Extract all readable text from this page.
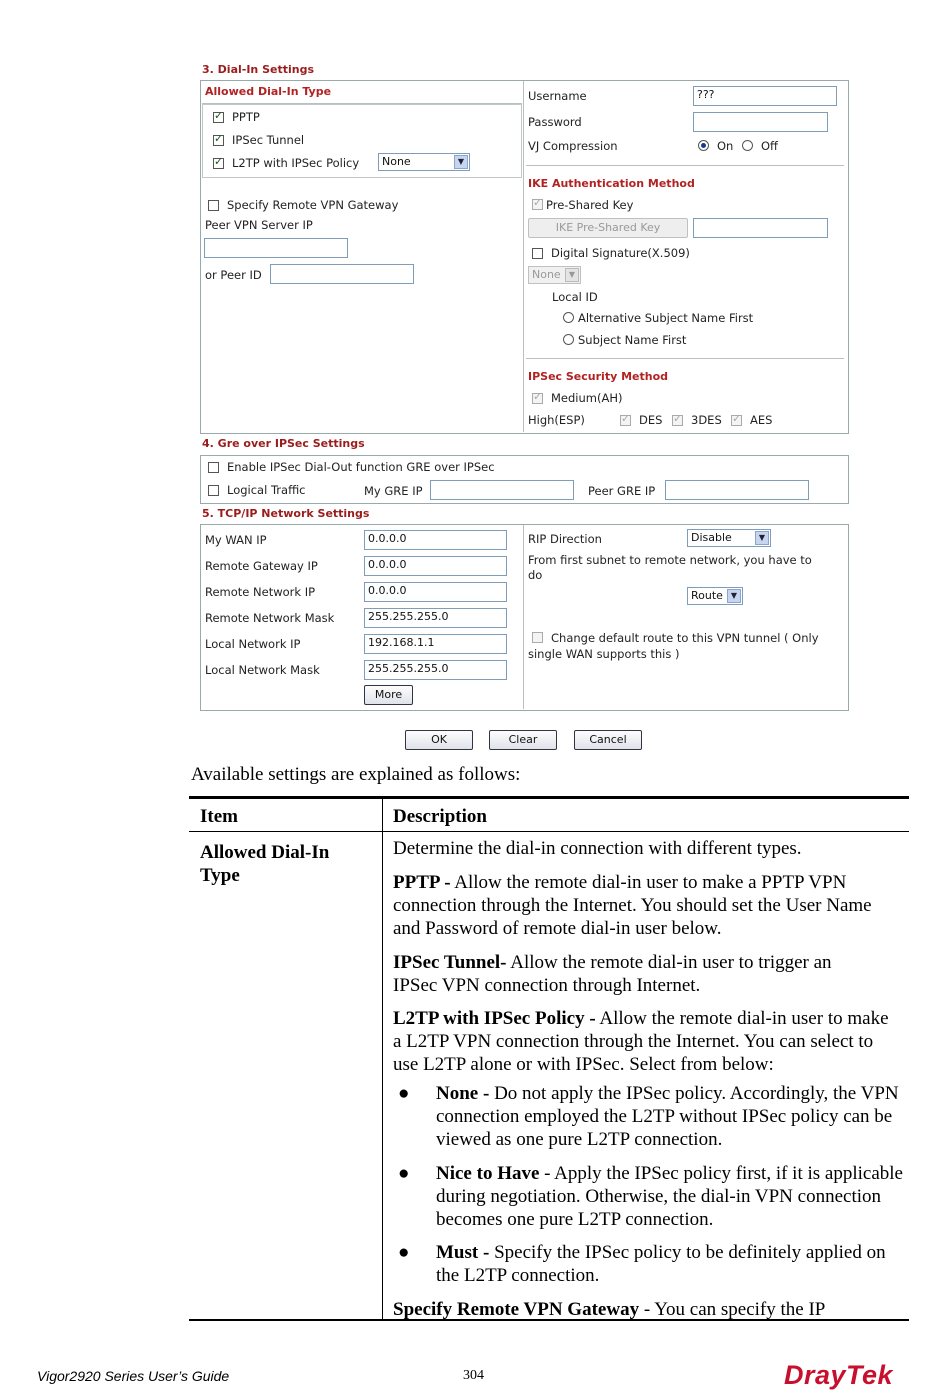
3. Dial-In Settings
Allowed Dial-In Type
✓
PPTP
✓
IPSec Tunnel
✓
L2TP with IPSec Policy	None	▼
Specify Remote VPN Gateway
Peer VPN Server IP
or Peer ID
Username	???
Password
VJ Compression	On Off
IKE Authentication Method
✓
Pre-Shared Key
IKE Pre-Shared Key
Digital Signature(X.509)
None	▼
Local ID
Alternative Subject Name First
Subject Name First
IPSec Security Method
✓
Medium(AH)
High(ESP) ✓	DES ✓ 3DES ✓ AES
4. Gre over IPSec Settings
Enable IPSec Dial-Out function GRE over IPSec
Logical Traffic	My GRE IP	Peer GRE IP
5. TCP/IP Network Settings
My WAN IP	0.0.0.0
Remote Gateway IP	0.0.0.0
Remote Network IP	0.0.0.0
Remote Network Mask	255.255.255.0
Local Network IP	192.168.1.1
Local Network Mask	255.255.255.0
More
RIP Direction	Disable	▼
From first subnet to remote network, you have to
do
Route ▼
Change default route to this VPN tunnel ( Only
single WAN supports this )
OK	Clear	Cancel
Available settings are explained as follows:
Item	Description
Allowed Dial-In
Type
Determine the dial-in connection with different types.
PPTP - Allow the remote dial-in user to make a PPTP VPN connection through the Internet. You should set the User Name and Password of remote dial-in user below.
IPSec Tunnel- Allow the remote dial-in user to trigger an IPSec VPN connection through Internet.
L2TP with IPSec Policy - Allow the remote dial-in user to make a L2TP VPN connection through the Internet. You can select to use L2TP alone or with IPSec. Select from below:
● None - Do not apply the IPSec policy. Accordingly, the VPN connection employed the L2TP without IPSec policy can be viewed as one pure L2TP connection.
● Nice to Have - Apply the IPSec policy first, if it is applicable during negotiation. Otherwise, the dial-in VPN connection becomes one pure L2TP connection.
● Must - Specify the IPSec policy to be definitely applied on the L2TP connection.
Specify Remote VPN Gateway - You can specify the IP
Vigor2920 Series User’s Guide	304	DrayTek
